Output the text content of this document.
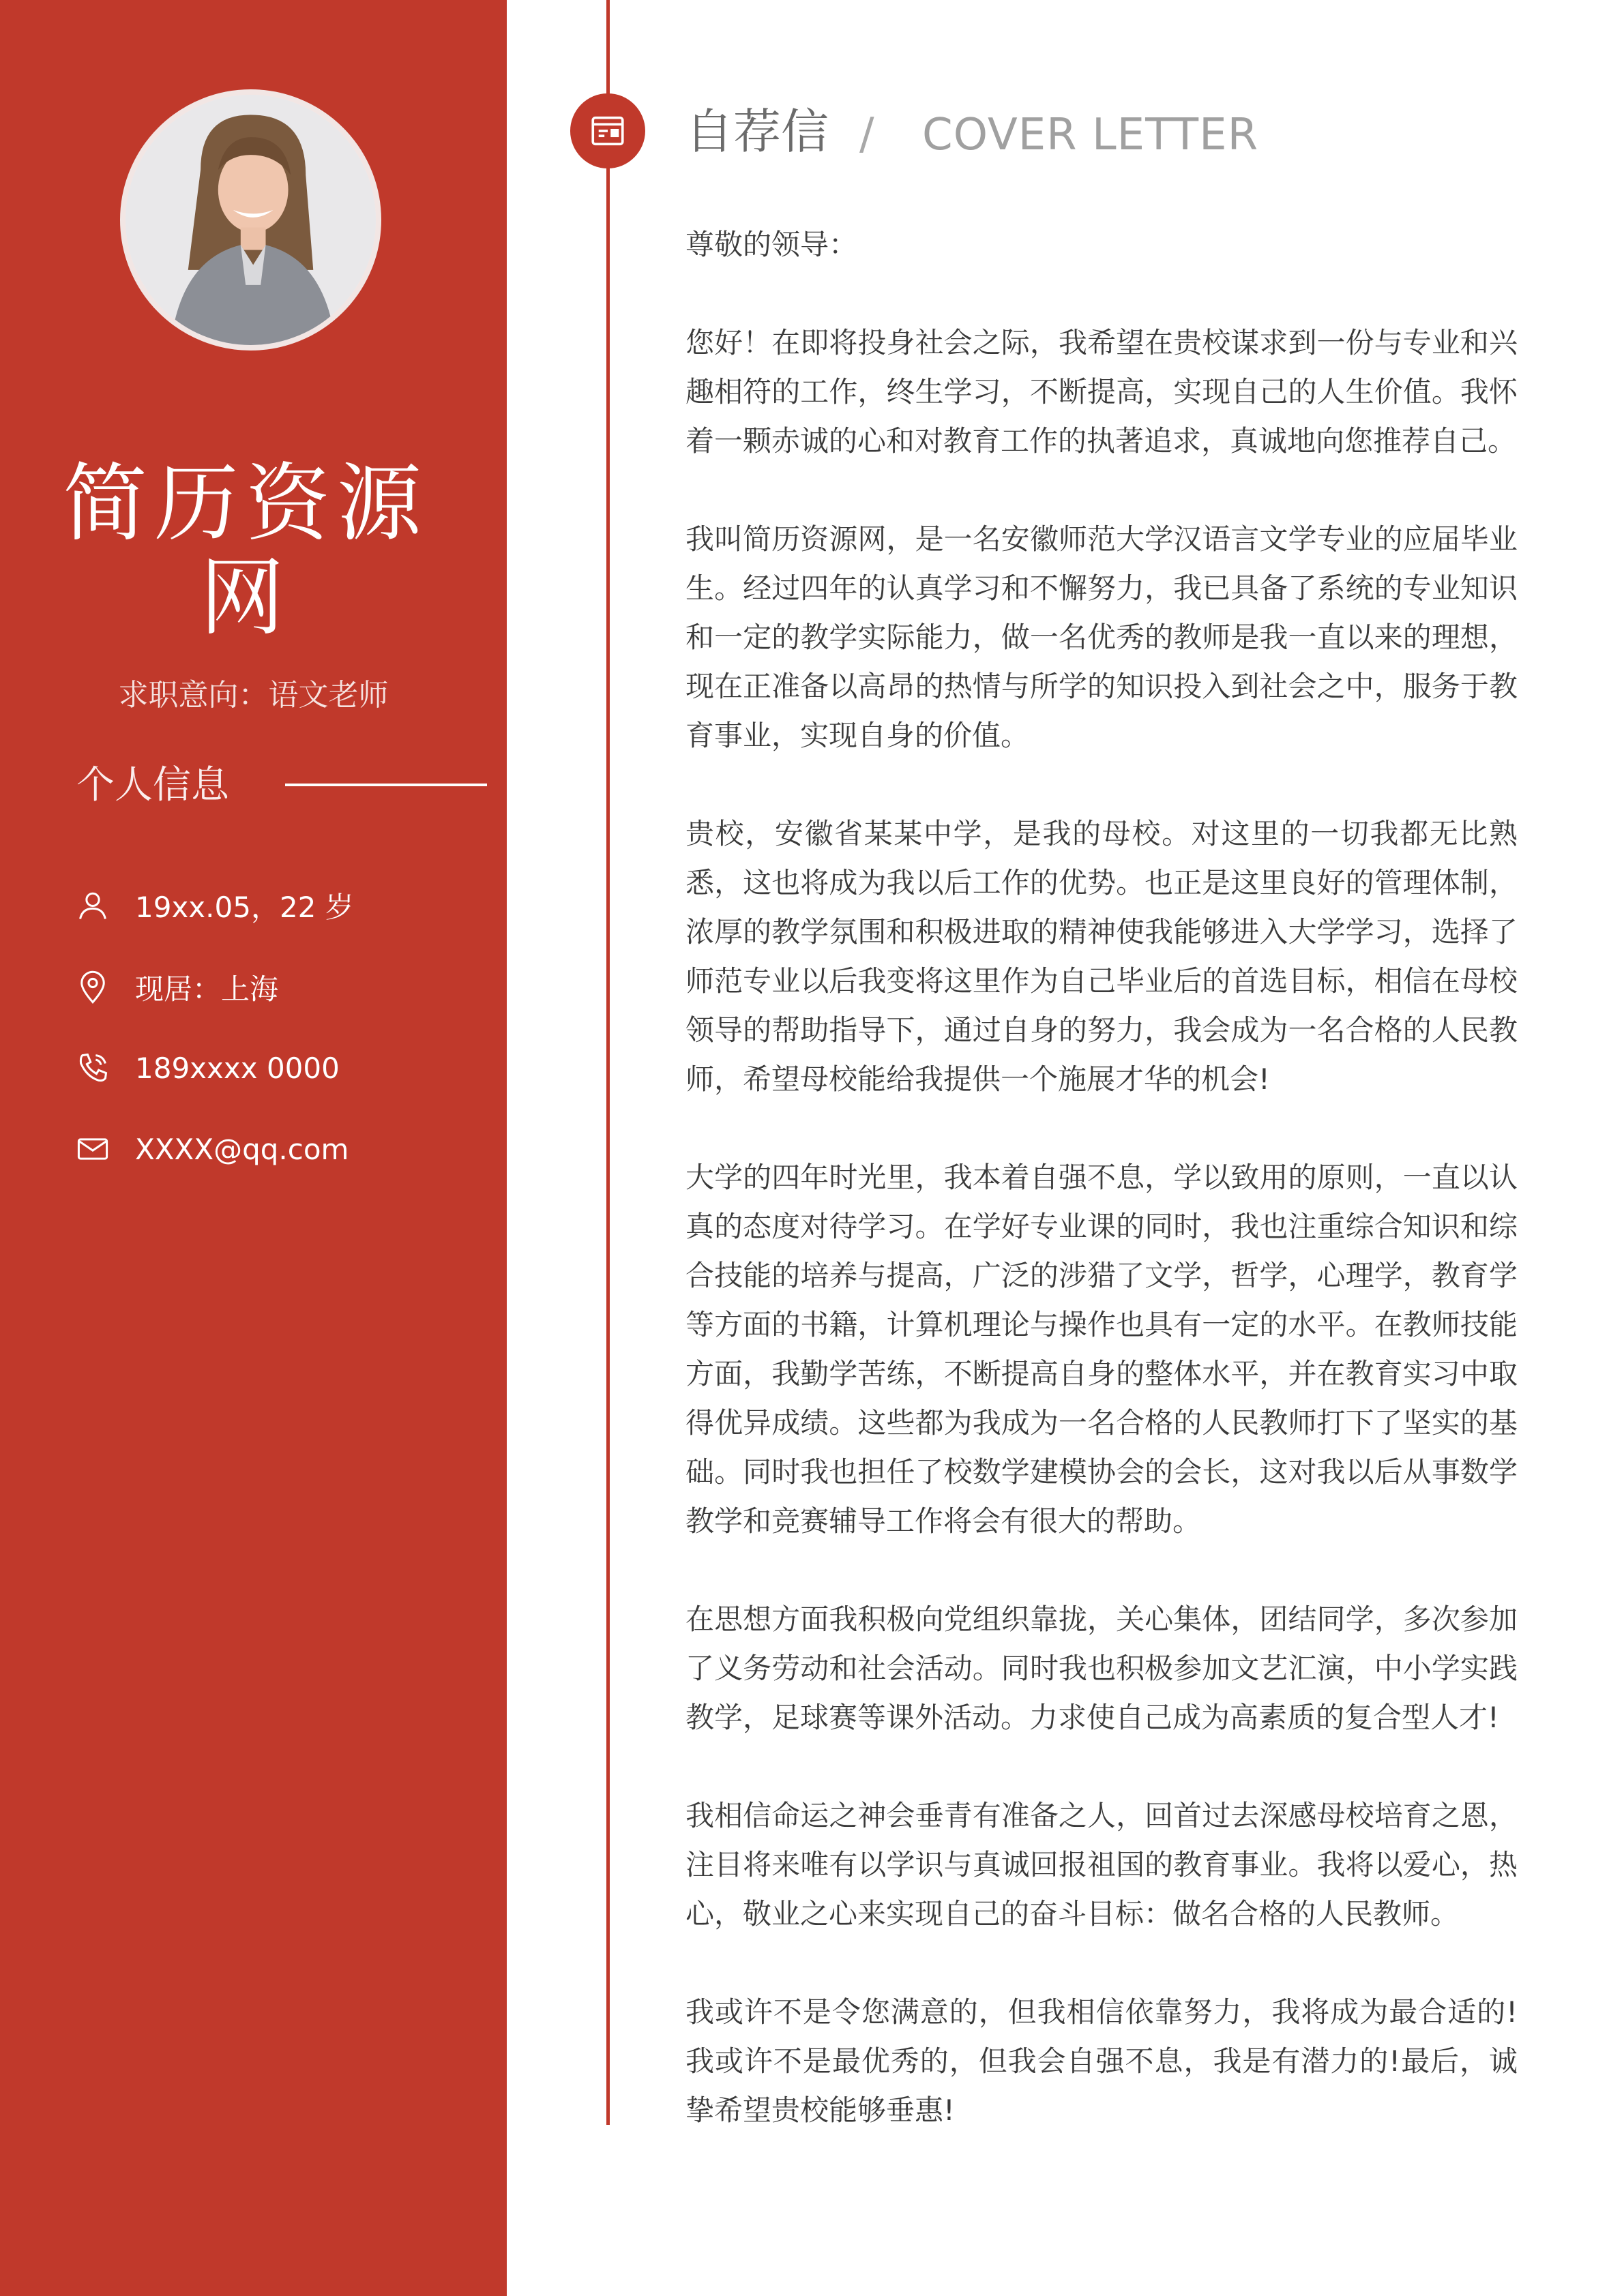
简历资源网
求职意向：语文老师
个人信息
19xx.05，22 岁
现居：上海
189xxxx 0000
XXXX@qq.com
自荐信 / COVER LETTER

尊敬的领导：

您好！在即将投身社会之际，我希望在贵校谋求到一份与专业和兴趣相符的工作，终生学习，不断提高，实现自己的人生价值。我怀着一颗赤诚的心和对教育工作的执著追求，真诚地向您推荐自己。

我叫简历资源网，是一名安徽师范大学汉语言文学专业的应届毕业生。经过四年的认真学习和不懈努力，我已具备了系统的专业知识和一定的教学实际能力，做一名优秀的教师是我一直以来的理想，现在正准备以高昂的热情与所学的知识投入到社会之中，服务于教育事业，实现自身的价值。

贵校，安徽省某某中学，是我的母校。对这里的一切我都无比熟悉，这也将成为我以后工作的优势。也正是这里良好的管理体制，浓厚的教学氛围和积极进取的精神使我能够进入大学学习，选择了师范专业以后我变将这里作为自己毕业后的首选目标，相信在母校领导的帮助指导下，通过自身的努力，我会成为一名合格的人民教师，希望母校能给我提供一个施展才华的机会!

大学的四年时光里，我本着自强不息，学以致用的原则，一直以认真的态度对待学习。在学好专业课的同时，我也注重综合知识和综合技能的培养与提高，广泛的涉猎了文学，哲学，心理学，教育学等方面的书籍，计算机理论与操作也具有一定的水平。在教师技能方面，我勤学苦练，不断提高自身的整体水平，并在教育实习中取得优异成绩。这些都为我成为一名合格的人民教师打下了坚实的基础。同时我也担任了校数学建模协会的会长，这对我以后从事数学教学和竞赛辅导工作将会有很大的帮助。

在思想方面我积极向党组织靠拢，关心集体，团结同学，多次参加了义务劳动和社会活动。同时我也积极参加文艺汇演，中小学实践教学，足球赛等课外活动。力求使自己成为高素质的复合型人才!

我相信命运之神会垂青有准备之人，回首过去深感母校培育之恩，注目将来唯有以学识与真诚回报祖国的教育事业。我将以爱心，热心，敬业之心来实现自己的奋斗目标：做名合格的人民教师。

我或许不是令您满意的，但我相信依靠努力，我将成为最合适的!我或许不是最优秀的，但我会自强不息，我是有潜力的!最后，诚挚希望贵校能够垂惠!
